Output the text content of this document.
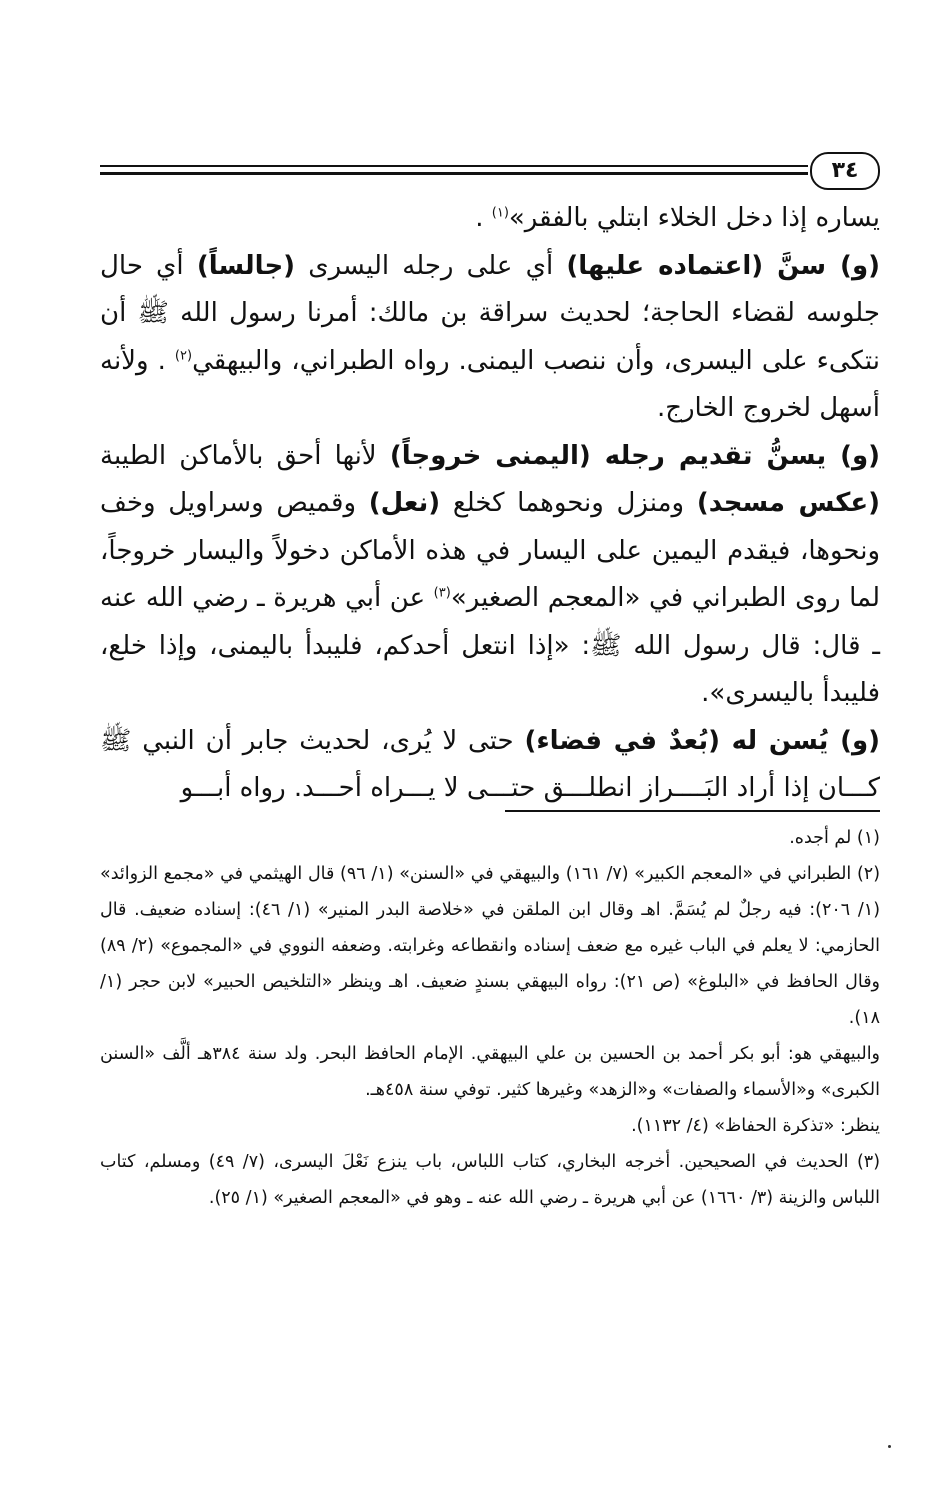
٣٤

يساره إذا دخل الخلاء ابتلي بالفقر»$^{(١)}$ .

(و) سنَّ (اعتماده عليها) أي على رجله اليسرى (جالساً) أي حال جلوسه لقضاء الحاجة؛ لحديث سراقة بن مالك: أمرنا رسول الله ﷺ أن نتكىء على اليسرى، وأن ننصب اليمنى. رواه الطبراني، والبيهقي$^{(٢)}$ . ولأنه أسهل لخروج الخارج.

(و) يسنُّ تقديم رجله (اليمنى خروجاً) لأنها أحق بالأماكن الطيبة (عكس مسجد) ومنزل ونحوهما كخلع (نعل) وقميص وسراويل وخف ونحوها، فيقدم اليمين على اليسار في هذه الأماكن دخولاً واليسار خروجاً، لما روى الطبراني في «المعجم الصغير»$^{(٣)}$ عن أبي هريرة ـ رضي الله عنه ـ قال: قال رسول الله ﷺ: «إذا انتعل أحدكم، فليبدأ باليمنى، وإذا خلع، فليبدأ باليسرى».

(و) يُسن له (بُعدٌ في فضاء) حتى لا يُرى، لحديث جابر أن النبي ﷺ كـــان إذا أراد البَــــراز انطلـــق حتـــى لا يـــراه أحـــد. رواه أبـــو

(١) لم أجده.

(٢) الطبراني في «المعجم الكبير» (٧/ ١٦١) والبيهقي في «السنن» (١/ ٩٦) قال الهيثمي في «مجمع الزوائد» (١/ ٢٠٦): فيه رجلٌ لم يُسَمَّ. اهـ وقال ابن الملقن في «خلاصة البدر المنير» (١/ ٤٦): إسناده ضعيف. قال الحازمي: لا يعلم في الباب غيره مع ضعف إسناده وانقطاعه وغرابته. وضعفه النووي في «المجموع» (٢/ ٨٩) وقال الحافظ في «البلوغ» (ص ٢١): رواه البيهقي بسندٍ ضعيف. اهـ وينظر «التلخيص الحبير» لابن حجر (١/ ١٨).

والبيهقي هو: أبو بكر أحمد بن الحسين بن علي البيهقي. الإمام الحافظ البحر. ولد سنة ٣٨٤هـ ألَّف «السنن الكبرى» و«الأسماء والصفات» و«الزهد» وغيرها كثير. توفي سنة ٤٥٨هـ.

ينظر: «تذكرة الحفاظ» (٤/ ١١٣٢).

(٣) الحديث في الصحيحين. أخرجه البخاري، كتاب اللباس، باب ينزع نَعْلَ اليسرى، (٧/ ٤٩) ومسلم، كتاب اللباس والزينة (٣/ ١٦٦٠) عن أبي هريرة ـ رضي الله عنه ـ وهو في «المعجم الصغير» (١/ ٢٥).
